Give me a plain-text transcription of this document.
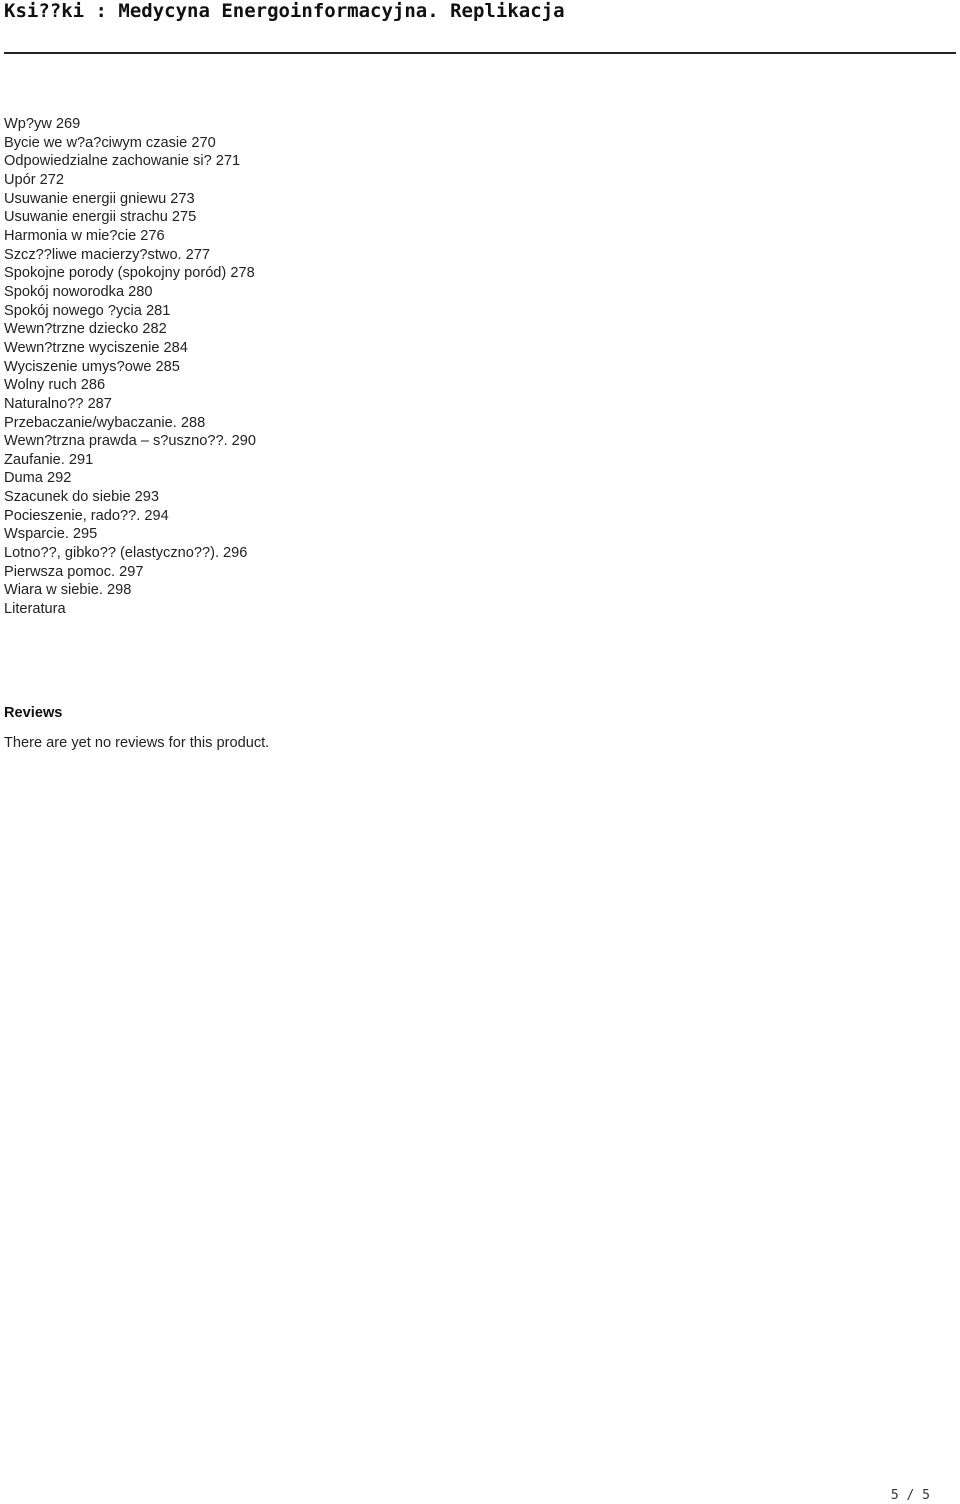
Ksi??ki : Medycyna Energoinformacyjna. Replikacja
Wp?yw 269
Bycie we w?a?ciwym czasie 270
Odpowiedzialne zachowanie si? 271
Upór 272
Usuwanie energii gniewu 273
Usuwanie energii strachu 275
Harmonia w mie?cie 276
Szcz??liwe macierzy?stwo. 277
Spokojne porody (spokojny poród) 278
Spokój noworodka 280
Spokój nowego ?ycia 281
Wewn?trzne dziecko 282
Wewn?trzne wyciszenie 284
Wyciszenie umys?owe 285
Wolny ruch 286
Naturalno?? 287
Przebaczanie/wybaczanie. 288
Wewn?trzna prawda – s?uszno??. 290
Zaufanie. 291
Duma 292
Szacunek do siebie 293
Pocieszenie, rado??. 294
Wsparcie. 295
Lotno??, gibko?? (elastyczno??). 296
Pierwsza pomoc. 297
Wiara w siebie. 298
Literatura
Reviews

There are yet no reviews for this product.

5 / 5
